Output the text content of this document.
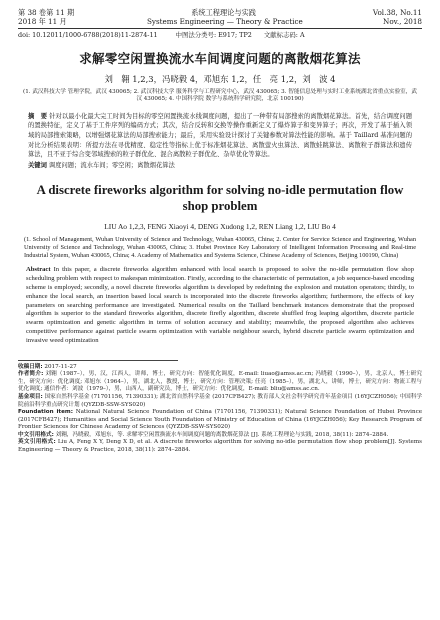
第 38 卷第 11 期	系统工程理论与实践	Vol.38, No.11
2018 年 11 月	Systems Engineering — Theory & Practice	Nov., 2018
doi: 10.12011/1000-6788(2018)11-2874-11	中图法分类号: E917; TP2 文献标志码: A
求解零空闲置换流水车间调度问题的离散烟花算法
刘　翱 1,2,3，冯晓毅 4，邓旭东 1,2，任　亮 1,2，刘　波 4
(1. 武汉科技大学 管理学院，武汉 430065; 2. 武汉科技大学 服务科学与工程研究中心，武汉 430065; 3. 智能信息处理与实时工业系统湖北省重点实验室，武汉 430065; 4. 中国科学院 数学与系统科学研究院，北京 100190)
摘　要 针对以最小化最大完工时间为目标的零空闲置换流水线调度问题，提出了一种带有局部搜索的离散烟花算法。首先，结合调度问题的置换特征，定义了基于工件序列的编码方式；其次，结合反转和交换等操作重新定义了爆炸算子和变异算子；再次，开发了基于插入领域的局部搜索策略，以增强烟花算法的局部搜索能力；最后，采用实验设计探讨了关键参数对算法性能的影响。基于 Taillard 基准问题的对比分析结果表明：所提方法在寻优精度、稳定性等指标上优于标准烟花算法、离散萤火虫算法、离散蛙跳算法、离散粒子群算法和遗传算法，且不亚于综合变邻域搜索的粒子群优化、混合离散粒子群优化、杂草优化等算法。
关键词 调度问题；流水车间；零空闲；离散烟花算法
A discrete fireworks algorithm for solving no-idle permutation flow shop problem
LIU Ao 1,2,3, FENG Xiaoyi 4, DENG Xudong 1,2, REN Liang 1,2, LIU Bo 4
(1. School of Management, Wuhan University of Science and Technology, Wuhan 430065, China; 2. Center for Service Science and Engineering, Wuhan University of Science and Technology, Wuhan 430065, China; 3. Hubei Province Key Laboratory of Intelligent Information Processing and Real-time Industrial System, Wuhan 430065, China; 4. Academy of Mathematics and Systems Science, Chinese Academy of Sciences, Beijing 100190, China)
Abstract In this paper, a discrete fireworks algorithm enhanced with local search is proposed to solve the no-idle permutation flow shop scheduling problem with respect to makespan minimization. Firstly, according to the characteristic of permutation, a job sequence-based encoding scheme is employed; secondly, a novel discrete fireworks algorithm is developed by redefining the explosion and mutation operators; thirdly, to enhance the local search, an insertion based local search is incorporated into the discrete fireworks algorithm; furthermore, the effects of key parameters on searching performance are investigated. Numerical results on the Taillard benchmark instances demonstrate that the proposed algorithm is superior to the standard fireworks algorithm, discrete firefly algorithm, discrete shuffled frog leaping algorithm, discrete particle swarm optimization and genetic algorithm in terms of solution accuracy and stability; meanwhile, the proposed algorithm also achieves competitive performance against particle swarm optimization with variable neighbour search, hybrid discrete particle swarm optimization and invasive weed optimization
收稿日期: 2017-11-27
作者简介: 刘翱（1987–），男，汉，江西人，讲师，博士，研究方向：智能优化调度，E-mail: liuao@amss.ac.cn; 冯晓毅（1990–），男，北京人，博士研究生，研究方向：优化调度; 邓旭东（1964–），男，湖北人，教授，博士，研究方向：管理决策; 任亮（1985–），男，湖北人，讲师，博士，研究方向：物流工程与优化调度; 通信作者：刘波（1979–），男，山西人，副研究员，博士，研究方向：优化调度，E-mail: bliu@amss.ac.cn.
基金项目: 国家自然科学基金 (71701156, 71390331); 湖北省自然科学基金 (2017CFB427); 教育部人文社会科学研究青年基金项目 (16YJCZH056); 中国科学院前沿科学重点研究计划 (QYZDB-SSW-SYS020)
Foundation item: National Natural Science Foundation of China (71701156, 71390331); Natural Science Foundation of Hubei Province (2017CFB427); Humanities and Social Science Youth Foundation of Ministry of Education of China (16YJCZH056); Key Research Program of Frontier Sciences for Chinese Academy of Sciences (QYZDB-SSW-SYS020)
中文引用格式: 刘翱，冯晓毅，邓旭东，等. 求解零空闲置换流水车间调度问题的离散烟花算法 [J]. 系统工程理论与实践, 2018, 38(11): 2874–2884.
英文引用格式: Liu A, Feng X Y, Deng X D, et al. A discrete fireworks algorithm for solving no-idle permutation flow shop problem[J]. Systems Engineering — Theory & Practice, 2018, 38(11): 2874–2884.
